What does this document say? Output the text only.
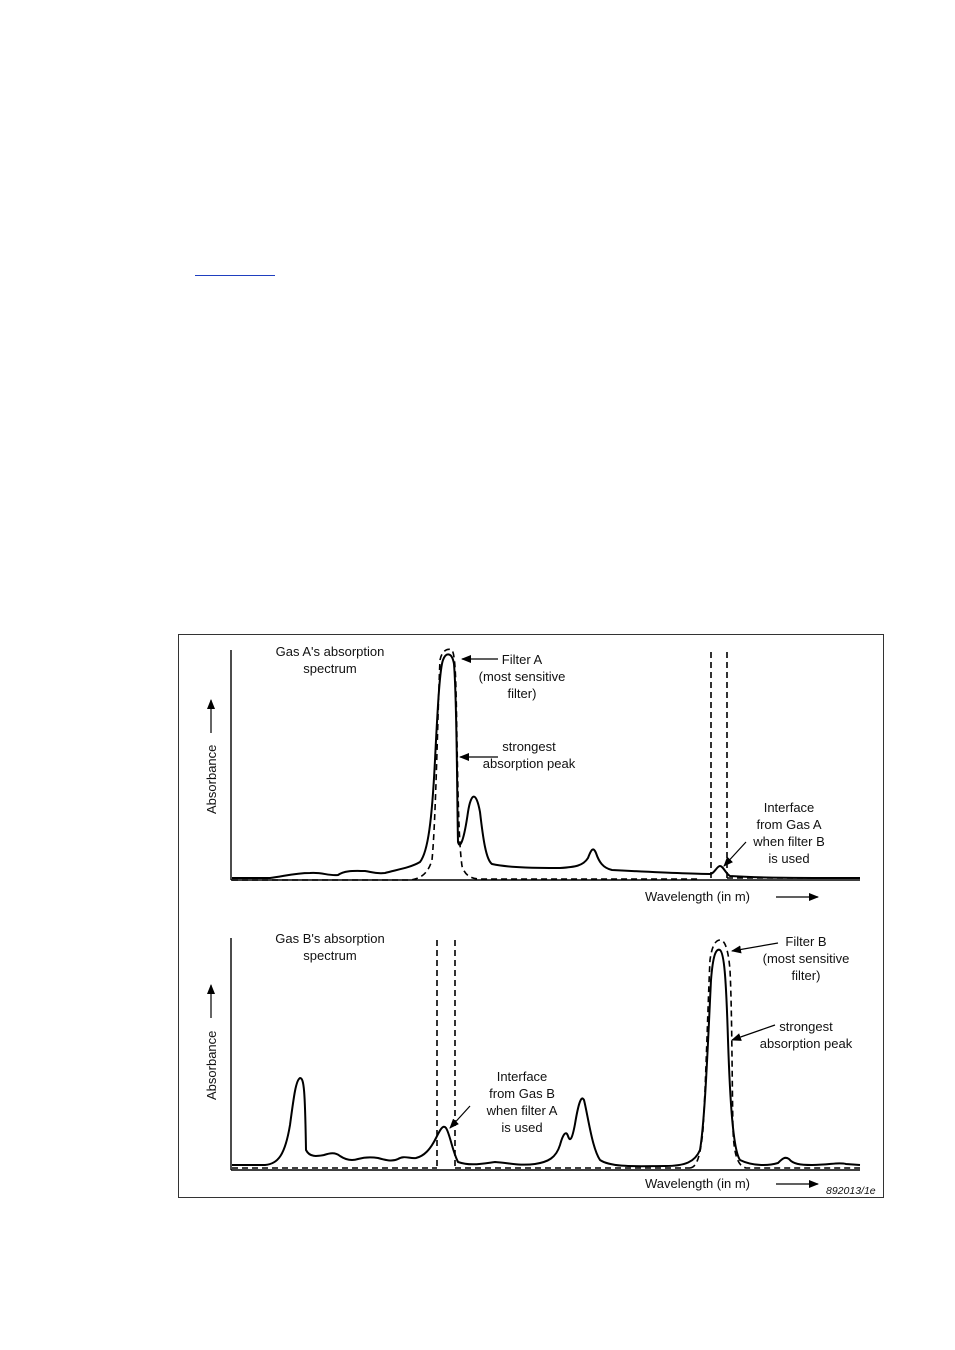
Gas A's absorption
spectrum
Absorbance
Wavelength (in m)
Filter A
(most sensitive
filter)
strongest
absorption peak
Interface
from Gas A
when filter B
is used
Gas B's absorption
spectrum
Absorbance
Wavelength (in m)	892013/1e
Filter B
(most sensitive
filter)
strongest
absorption peak
Interface
from Gas B
when filter A
is used
